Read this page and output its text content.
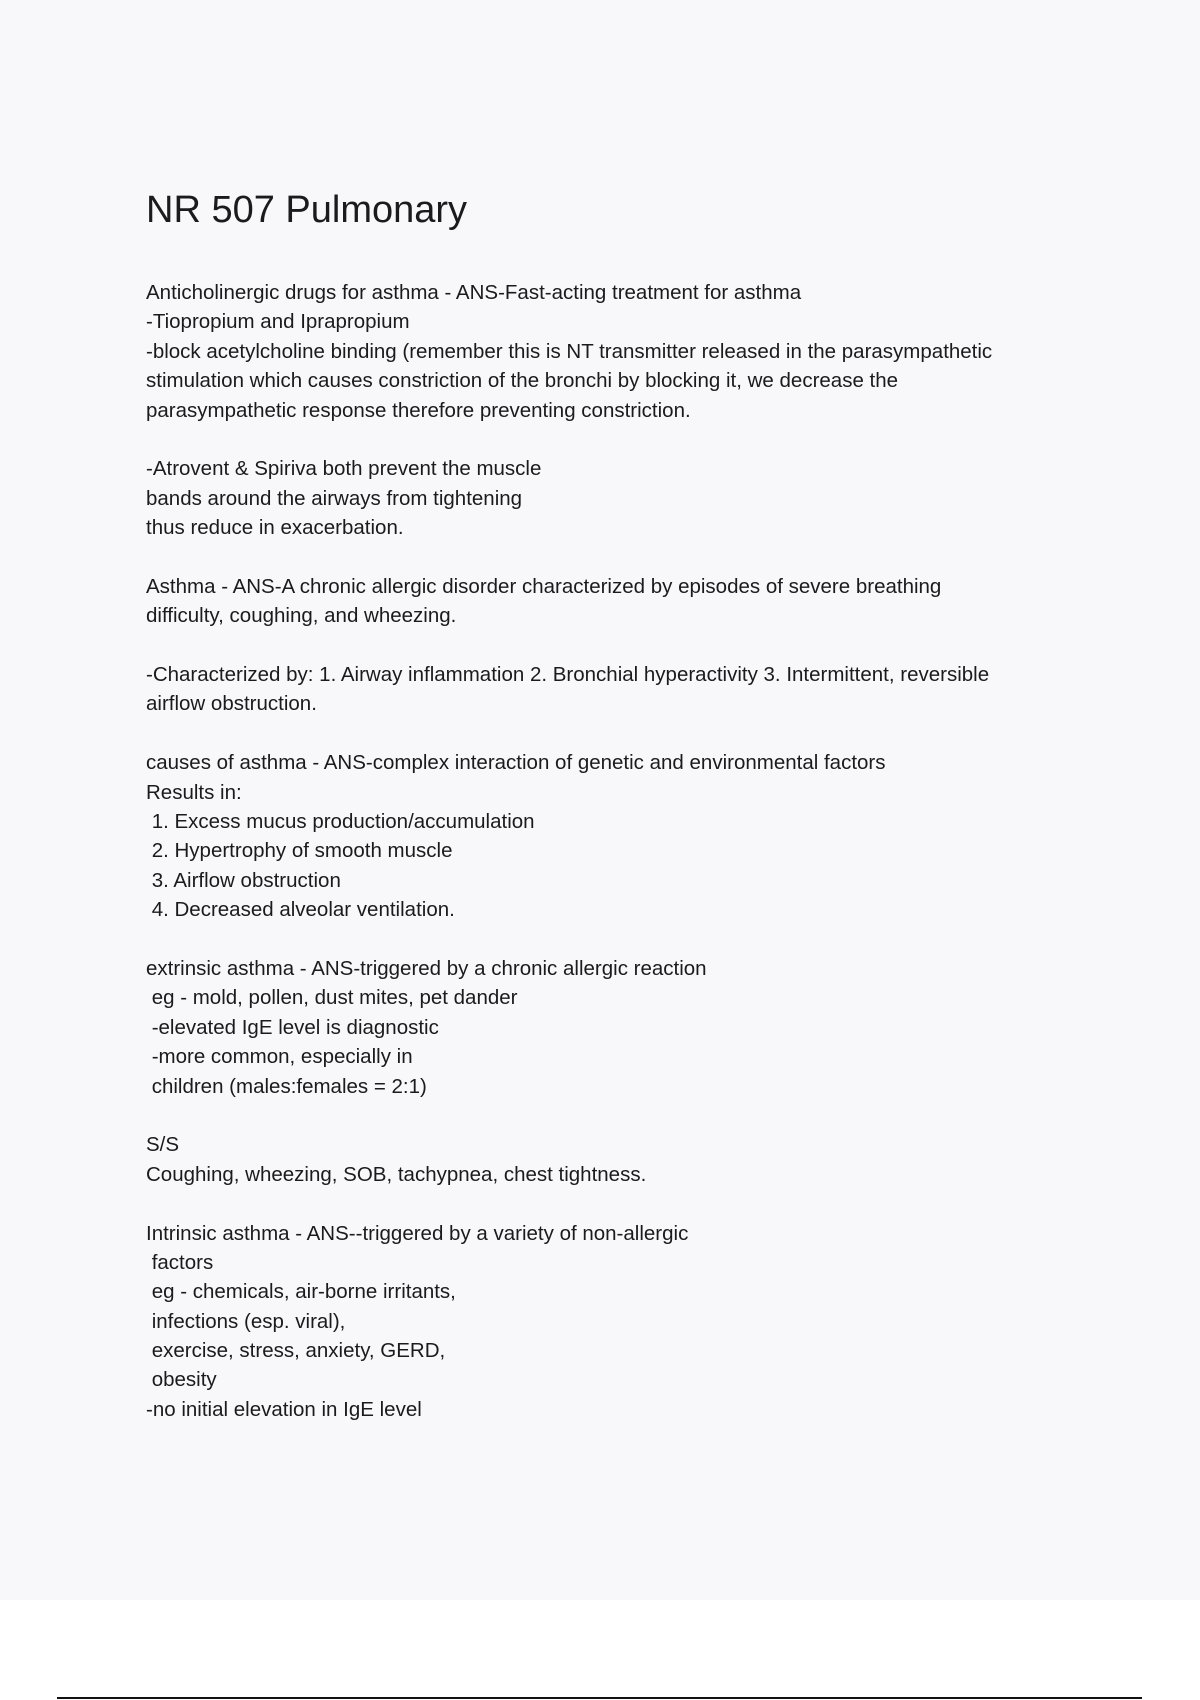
NR 507 Pulmonary
Anticholinergic drugs for asthma - ANS-Fast-acting treatment for asthma
-Tiopropium and Iprapropium
-block acetylcholine binding (remember this is NT transmitter released in the parasympathetic
stimulation which causes constriction of the bronchi by blocking it, we decrease the
parasympathetic response therefore preventing constriction.
-Atrovent & Spiriva both prevent the muscle
bands around the airways from tightening
thus reduce in exacerbation.
Asthma - ANS-A chronic allergic disorder characterized by episodes of severe breathing
difficulty, coughing, and wheezing.
-Characterized by: 1. Airway inflammation 2. Bronchial hyperactivity 3. Intermittent, reversible
airflow obstruction.
causes of asthma - ANS-complex interaction of genetic and environmental factors
Results in:
1. Excess mucus production/accumulation
2. Hypertrophy of smooth muscle
3. Airflow obstruction
4. Decreased alveolar ventilation.
extrinsic asthma - ANS-triggered by a chronic allergic reaction
eg - mold, pollen, dust mites, pet dander
-elevated IgE level is diagnostic
-more common, especially in
children (males:females = 2:1)
S/S
Coughing, wheezing, SOB, tachypnea, chest tightness.
Intrinsic asthma - ANS--triggered by a variety of non-allergic
factors
eg - chemicals, air-borne irritants,
infections (esp. viral),
exercise, stress, anxiety, GERD,
obesity
-no initial elevation in IgE level
